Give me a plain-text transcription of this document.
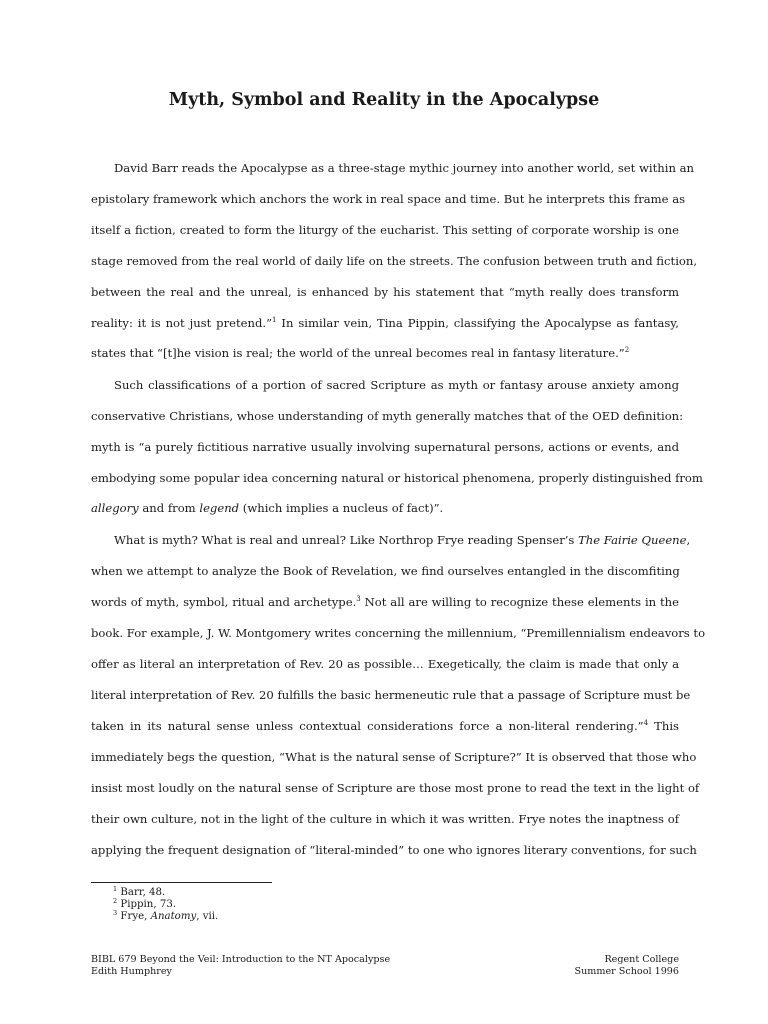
Myth, Symbol and Reality in the Apocalypse
David Barr reads the Apocalypse as a three-stage mythic journey into another world, set within an
epistolary framework which anchors the work in real space and time. But he interprets this frame as
itself a fiction, created to form the liturgy of the eucharist. This setting of corporate worship is one
stage removed from the real world of daily life on the streets. The confusion between truth and fiction,
between the real and the unreal, is enhanced by his statement that “myth really does transform
reality: it is not just pretend.”$^1$ In similar vein, Tina Pippin, classifying the Apocalypse as fantasy,
states that “[t]he vision is real; the world of the unreal becomes real in fantasy literature.”$^2$
Such classifications of a portion of sacred Scripture as myth or fantasy arouse anxiety among
conservative Christians, whose understanding of myth generally matches that of the OED definition:
myth is “a purely fictitious narrative usually involving supernatural persons, actions or events, and
embodying some popular idea concerning natural or historical phenomena, properly distinguished from
allegory and from legend (which implies a nucleus of fact)”.
What is myth? What is real and unreal? Like Northrop Frye reading Spenser’s The Fairie Queene,
when we attempt to analyze the Book of Revelation, we find ourselves entangled in the discomfiting
words of myth, symbol, ritual and archetype.$^3$ Not all are willing to recognize these elements in the
book. For example, J. W. Montgomery writes concerning the millennium, “Premillennialism endeavors to
offer as literal an interpretation of Rev. 20 as possible… Exegetically, the claim is made that only a
literal interpretation of Rev. 20 fulfills the basic hermeneutic rule that a passage of Scripture must be
taken in its natural sense unless contextual considerations force a non-literal rendering.”$^4$ This
immediately begs the question, “What is the natural sense of Scripture?” It is observed that those who
insist most loudly on the natural sense of Scripture are those most prone to read the text in the light of
their own culture, not in the light of the culture in which it was written. Frye notes the inaptness of
applying the frequent designation of “literal-minded” to one who ignores literary conventions, for such
$^1$ Barr, 48.
$^2$ Pippin, 73.
$^3$ Frye, Anatomy, vii.
BIBL 679 Beyond the Veil: Introduction to the NT Apocalypse
Edith Humphrey
Regent College
Summer School 1996
